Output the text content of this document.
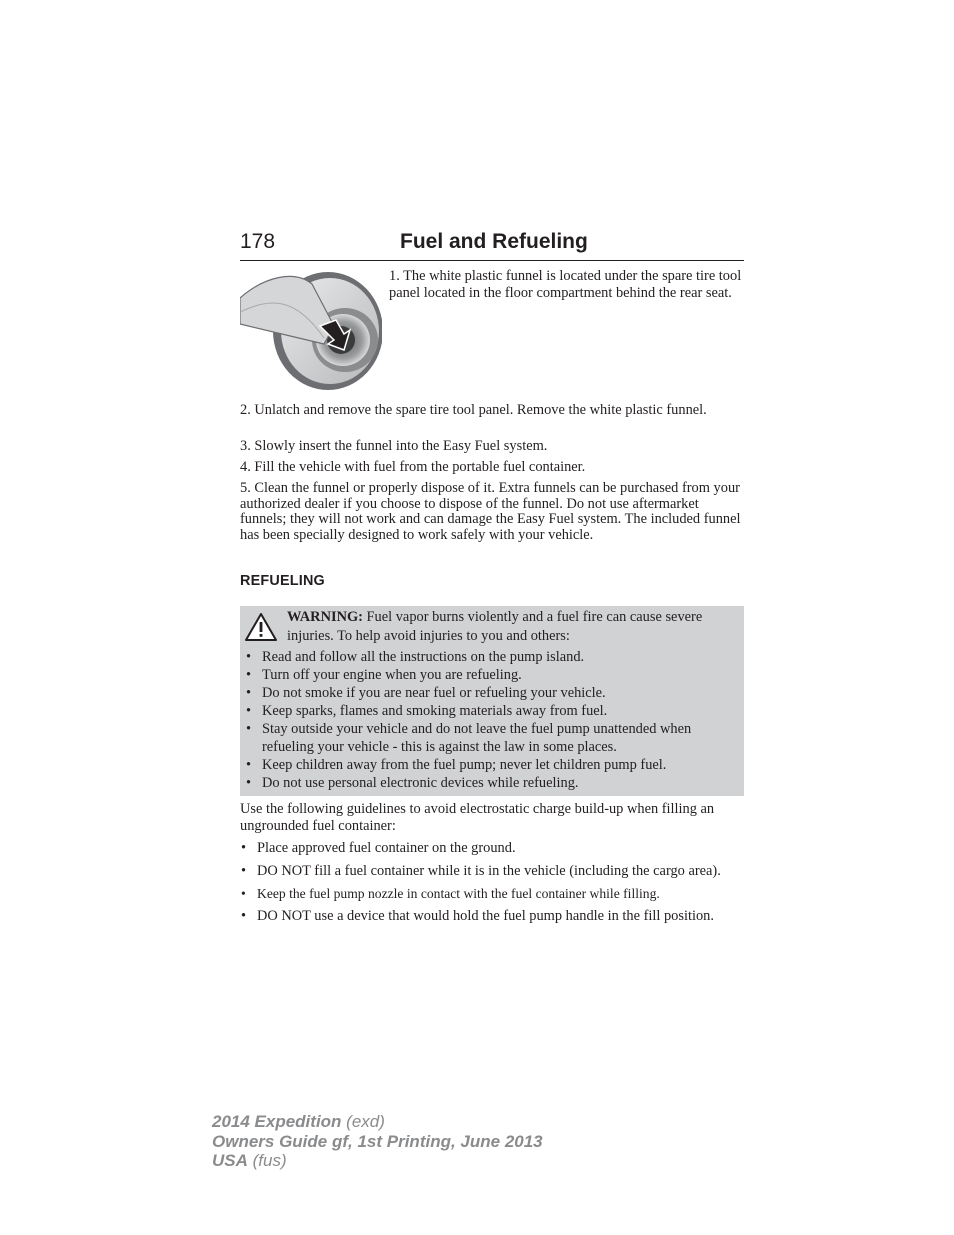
178	Fuel and Refueling
1. The white plastic funnel is located under the spare tire tool panel located in the floor compartment behind the rear seat.
2. Unlatch and remove the spare tire tool panel. Remove the white plastic funnel.
3. Slowly insert the funnel into the Easy Fuel system.
4. Fill the vehicle with fuel from the portable fuel container.
5. Clean the funnel or properly dispose of it. Extra funnels can be purchased from your authorized dealer if you choose to dispose of the funnel. Do not use aftermarket funnels; they will not work and can damage the Easy Fuel system. The included funnel has been specially designed to work safely with your vehicle.
REFUELING
WARNING: Fuel vapor burns violently and a fuel fire can cause severe injuries. To help avoid injuries to you and others:
• Read and follow all the instructions on the pump island.
• Turn off your engine when you are refueling.
• Do not smoke if you are near fuel or refueling your vehicle.
• Keep sparks, flames and smoking materials away from fuel.
• Stay outside your vehicle and do not leave the fuel pump unattended when refueling your vehicle - this is against the law in some places.
• Keep children away from the fuel pump; never let children pump fuel.
• Do not use personal electronic devices while refueling.
Use the following guidelines to avoid electrostatic charge build-up when filling an ungrounded fuel container:
• Place approved fuel container on the ground.
• DO NOT fill a fuel container while it is in the vehicle (including the cargo area).
• Keep the fuel pump nozzle in contact with the fuel container while filling.
• DO NOT use a device that would hold the fuel pump handle in the fill position.
2014 Expedition (exd)
Owners Guide gf, 1st Printing, June 2013
USA (fus)
